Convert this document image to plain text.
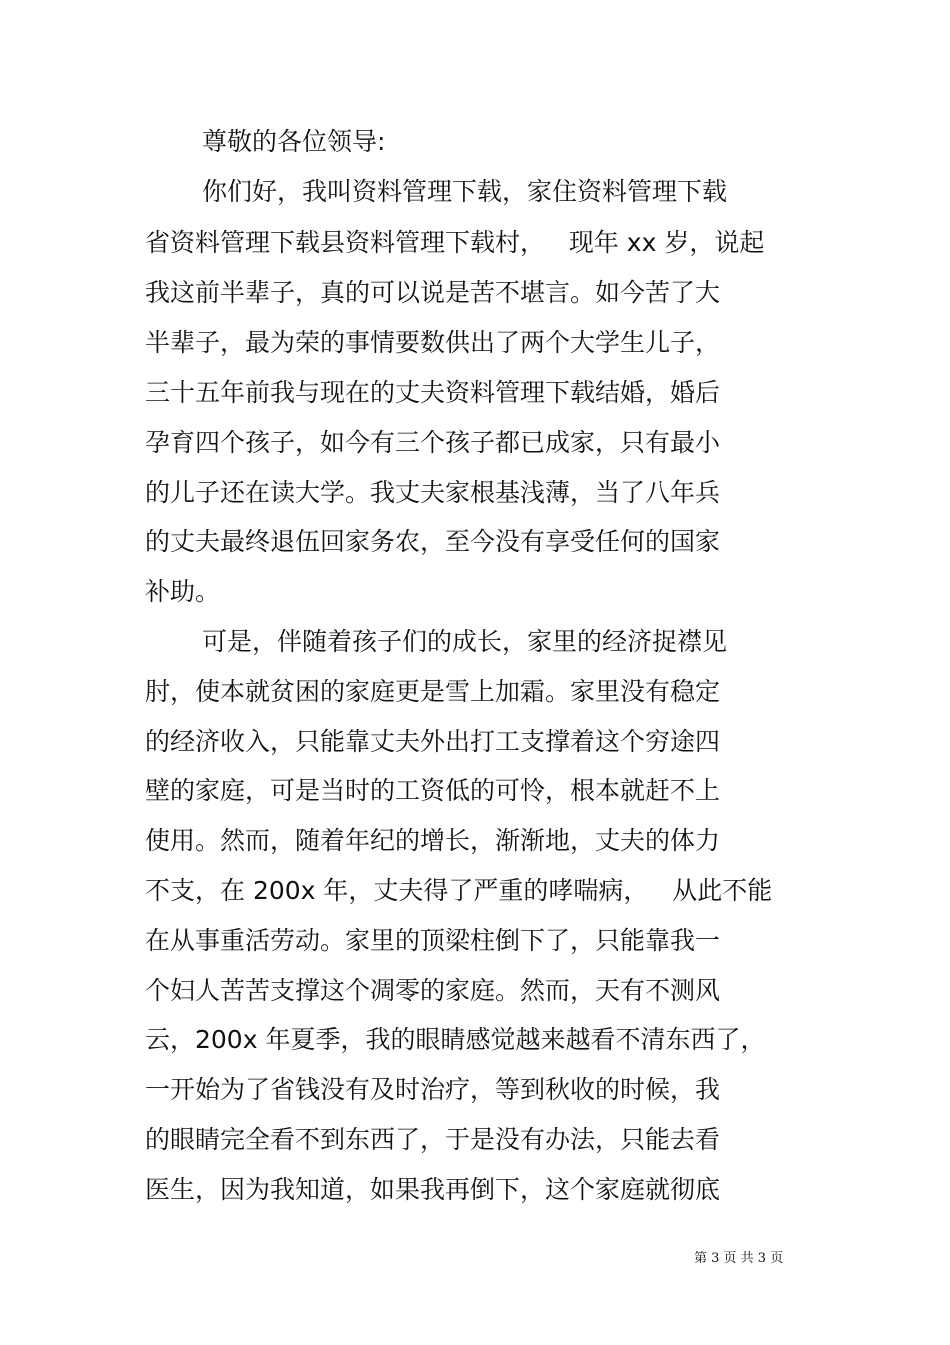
尊敬的各位领导:
你们好，我叫资料管理下载，家住资料管理下载
省资料管理下载县资料管理下载村，   现年 xx 岁，说起
我这前半辈子，真的可以说是苦不堪言。如今苦了大
半辈子，最为荣的事情要数供出了两个大学生儿子，
三十五年前我与现在的丈夫资料管理下载结婚，婚后
孕育四个孩子，如今有三个孩子都已成家，只有最小
的儿子还在读大学。我丈夫家根基浅薄，当了八年兵
的丈夫最终退伍回家务农，至今没有享受任何的国家
补助。
可是，伴随着孩子们的成长，家里的经济捉襟见
肘，使本就贫困的家庭更是雪上加霜。家里没有稳定
的经济收入，只能靠丈夫外出打工支撑着这个穷途四
壁的家庭，可是当时的工资低的可怜，根本就赶不上
使用。然而，随着年纪的增长，渐渐地，丈夫的体力
不支，在 200x 年，丈夫得了严重的哮喘病，   从此不能
在从事重活劳动。家里的顶梁柱倒下了，只能靠我一
个妇人苦苦支撑这个凋零的家庭。然而，天有不测风
云，200x 年夏季，我的眼睛感觉越来越看不清东西了，
一开始为了省钱没有及时治疗，等到秋收的时候，我
的眼睛完全看不到东西了，于是没有办法，只能去看
医生，因为我知道，如果我再倒下，这个家庭就彻底
第 3 页 共 3 页
